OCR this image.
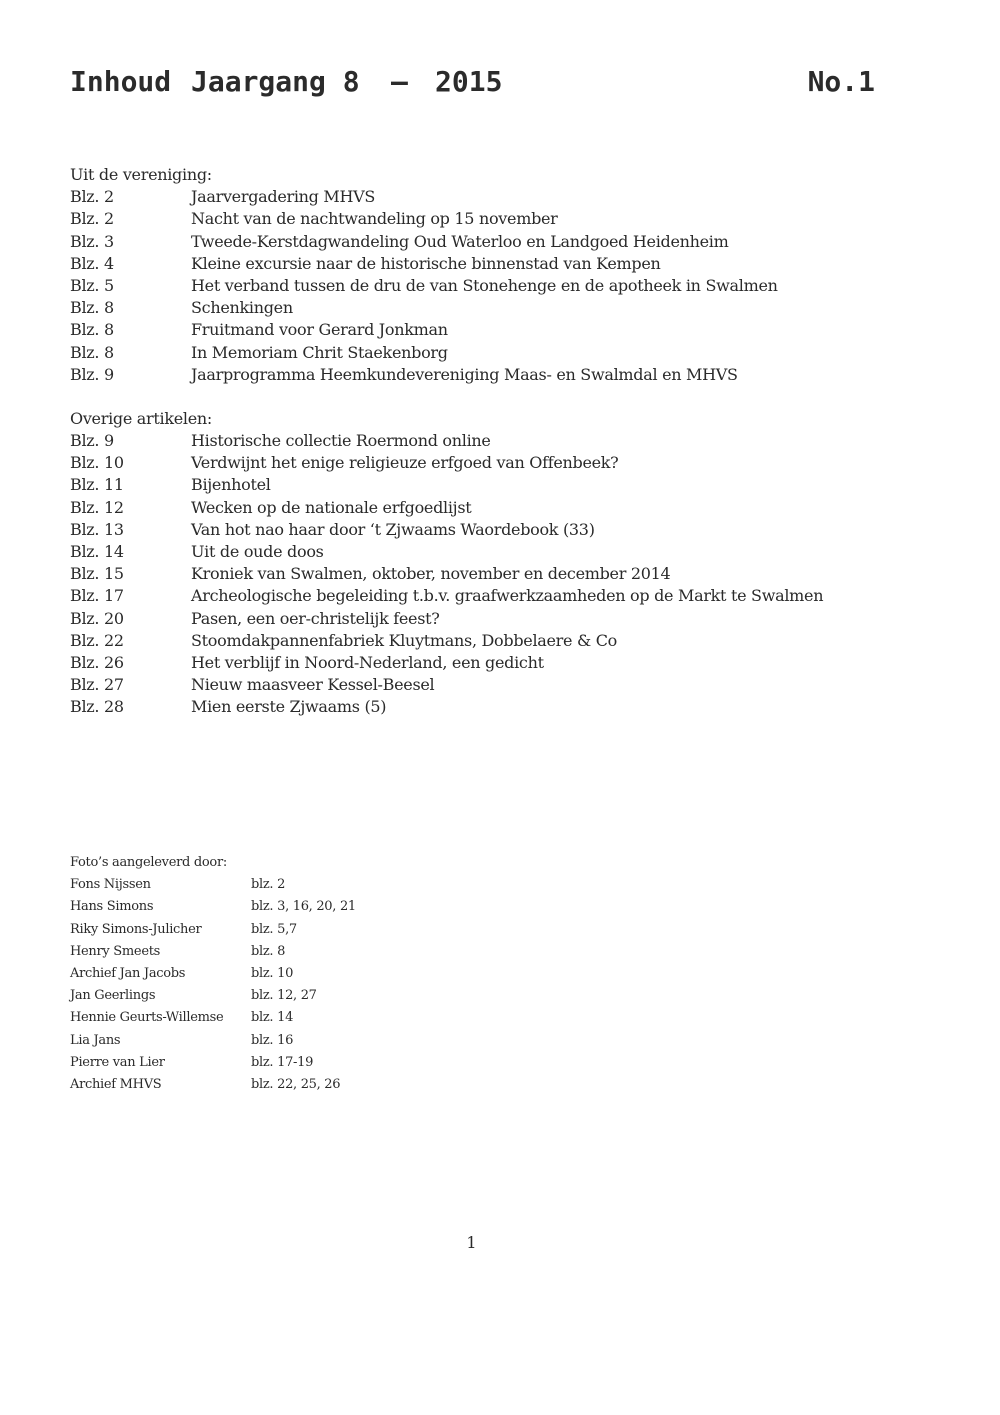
Inhoud Jaargang 8 – 2015	No.1
Uit de vereniging:
Blz. 2	Jaarvergadering MHVS
Blz. 2	Nacht van de nachtwandeling op 15 november
Blz. 3	Tweede-Kerstdagwandeling Oud Waterloo en Landgoed Heidenheim
Blz. 4	Kleine excursie naar de historische binnenstad van Kempen
Blz. 5	Het verband tussen de dru de van Stonehenge en de apotheek in Swalmen
Blz. 8	Schenkingen
Blz. 8	Fruitmand voor Gerard Jonkman
Blz. 8	In Memoriam Chrit Staekenborg
Blz. 9	Jaarprogramma Heemkundevereniging Maas- en Swalmdal en MHVS
Overige artikelen:
Blz. 9	Historische collectie Roermond online
Blz. 10	Verdwijnt het enige religieuze erfgoed van Offenbeek?
Blz. 11	Bijenhotel
Blz. 12	Wecken op de nationale erfgoedlijst
Blz. 13	Van hot nao haar door ‘t Zjwaams Waordebook (33)
Blz. 14	Uit de oude doos
Blz. 15	Kroniek van Swalmen, oktober, november en december 2014
Blz. 17	Archeologische begeleiding t.b.v. graafwerkzaamheden op de Markt te Swalmen
Blz. 20	Pasen, een oer-christelijk feest?
Blz. 22	Stoomdakpannenfabriek Kluytmans, Dobbelaere & Co
Blz. 26	Het verblijf in Noord-Nederland, een gedicht
Blz. 27	Nieuw maasveer Kessel-Beesel
Blz. 28	Mien eerste Zjwaams (5)
Foto’s aangeleverd door:
Fons Nijssen	blz. 2
Hans Simons	blz. 3, 16, 20, 21
Riky Simons-Julicher	blz. 5,7
Henry Smeets	blz. 8
Archief Jan Jacobs	blz. 10
Jan Geerlings	blz. 12, 27
Hennie Geurts-Willemse blz. 14
Lia Jans	blz. 16
Pierre van Lier	blz. 17-19
Archief MHVS	blz. 22, 25, 26
1
